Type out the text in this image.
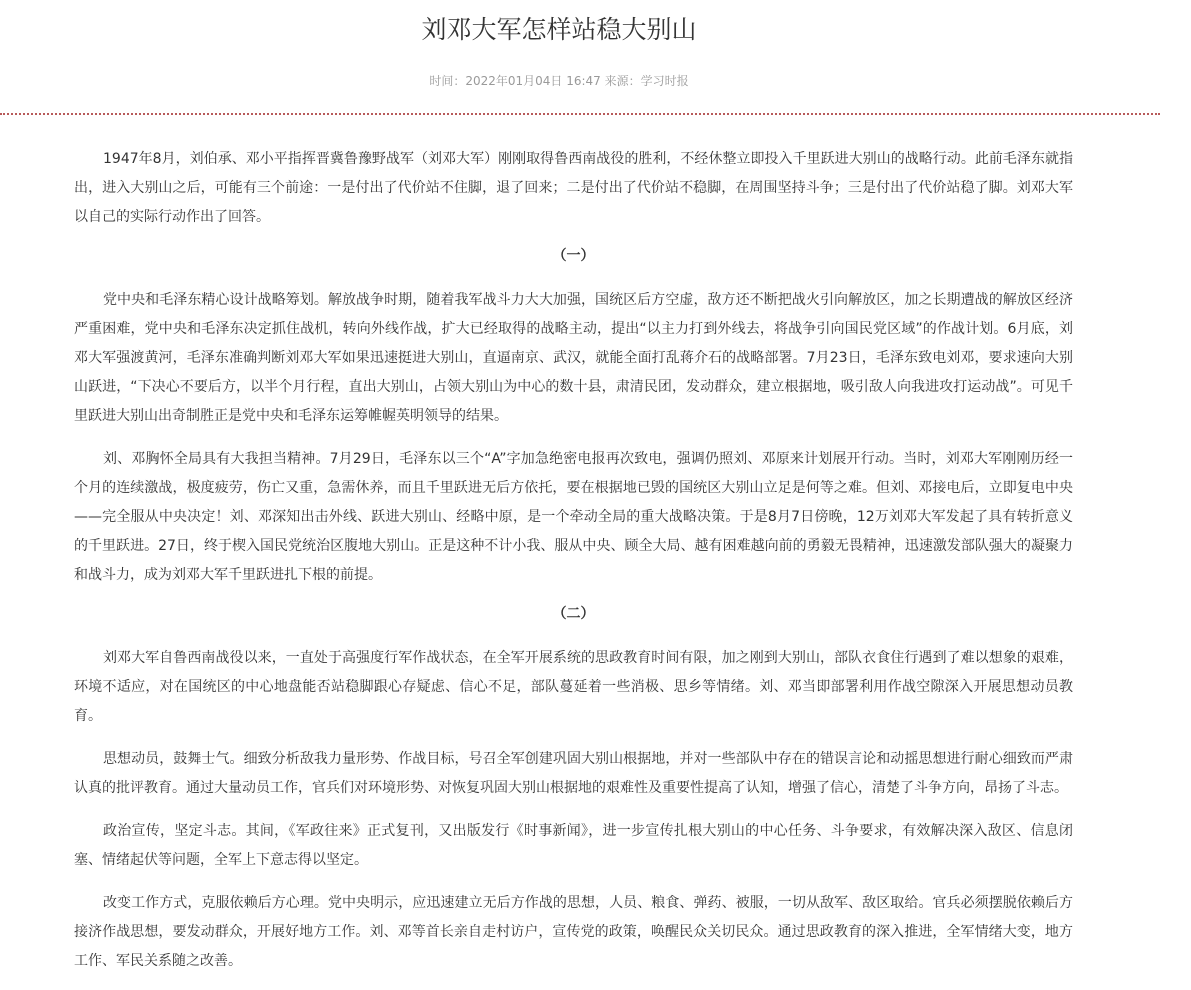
刘邓大军怎样站稳大别山
时间：2022年01月04日 16:47 来源：学习时报

1947年8月，刘伯承、邓小平指挥晋冀鲁豫野战军（刘邓大军）刚刚取得鲁西南战役的胜利，不经休整立即投入千里跃进大别山的战略行动。此前毛泽东就指出，进入大别山之后，可能有三个前途：一是付出了代价站不住脚，退了回来；二是付出了代价站不稳脚，在周围坚持斗争；三是付出了代价站稳了脚。刘邓大军以自己的实际行动作出了回答。

（一）

党中央和毛泽东精心设计战略筹划。解放战争时期，随着我军战斗力大大加强，国统区后方空虚，敌方还不断把战火引向解放区，加之长期遭战的解放区经济严重困难，党中央和毛泽东决定抓住战机，转向外线作战，扩大已经取得的战略主动，提出“以主力打到外线去，将战争引向国民党区域”的作战计划。6月底，刘邓大军强渡黄河，毛泽东准确判断刘邓大军如果迅速挺进大别山，直逼南京、武汉，就能全面打乱蒋介石的战略部署。7月23日，毛泽东致电刘邓，要求速向大别山跃进，“下决心不要后方，以半个月行程，直出大别山，占领大别山为中心的数十县，肃清民团，发动群众，建立根据地，吸引敌人向我进攻打运动战”。可见千里跃进大别山出奇制胜正是党中央和毛泽东运筹帷幄英明领导的结果。

刘、邓胸怀全局具有大我担当精神。7月29日，毛泽东以三个“A”字加急绝密电报再次致电，强调仍照刘、邓原来计划展开行动。当时，刘邓大军刚刚历经一个月的连续激战，极度疲劳，伤亡又重，急需休养，而且千里跃进无后方依托，要在根据地已毁的国统区大别山立足是何等之难。但刘、邓接电后，立即复电中央——完全服从中央决定！刘、邓深知出击外线、跃进大别山、经略中原，是一个牵动全局的重大战略决策。于是8月7日傍晚，12万刘邓大军发起了具有转折意义的千里跃进。27日，终于楔入国民党统治区腹地大别山。正是这种不计小我、服从中央、顾全大局、越有困难越向前的勇毅无畏精神，迅速激发部队强大的凝聚力和战斗力，成为刘邓大军千里跃进扎下根的前提。

（二）

刘邓大军自鲁西南战役以来，一直处于高强度行军作战状态，在全军开展系统的思政教育时间有限，加之刚到大别山，部队衣食住行遇到了难以想象的艰难，环境不适应，对在国统区的中心地盘能否站稳脚跟心存疑虑、信心不足，部队蔓延着一些消极、思乡等情绪。刘、邓当即部署利用作战空隙深入开展思想动员教育。

思想动员，鼓舞士气。细致分析敌我力量形势、作战目标，号召全军创建巩固大别山根据地，并对一些部队中存在的错误言论和动摇思想进行耐心细致而严肃认真的批评教育。通过大量动员工作，官兵们对环境形势、对恢复巩固大别山根据地的艰难性及重要性提高了认知，增强了信心，清楚了斗争方向，昂扬了斗志。

政治宣传，坚定斗志。其间，《军政往来》正式复刊，又出版发行《时事新闻》，进一步宣传扎根大别山的中心任务、斗争要求，有效解决深入敌区、信息闭塞、情绪起伏等问题，全军上下意志得以坚定。

改变工作方式，克服依赖后方心理。党中央明示，应迅速建立无后方作战的思想，人员、粮食、弹药、被服，一切从敌军、敌区取给。官兵必须摆脱依赖后方接济作战思想，要发动群众，开展好地方工作。刘、邓等首长亲自走村访户，宣传党的政策，唤醒民众关切民众。通过思政教育的深入推进，全军情绪大变，地方工作、军民关系随之改善。
